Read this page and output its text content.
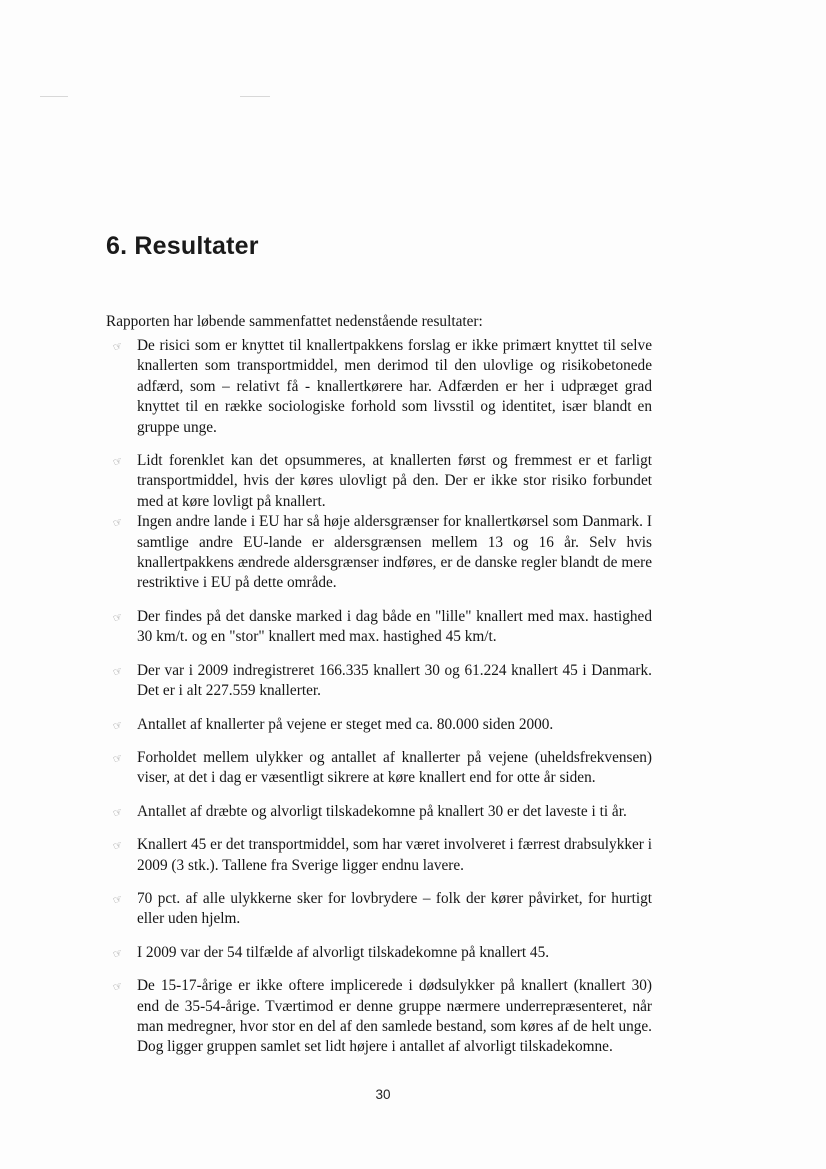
6. Resultater

Rapporten har løbende sammenfattet nedenstående resultater:

☞ De risici som er knyttet til knallertpakkens forslag er ikke primært knyttet til selve knallerten som transportmiddel, men derimod til den ulovlige og risikobetonede adfærd, som – relativt få - knallertkørere har. Adfærden er her i udpræget grad knyttet til en række sociologiske forhold som livsstil og identitet, især blandt en gruppe unge.
☞ Lidt forenklet kan det opsummeres, at knallerten først og fremmest er et farligt transportmiddel, hvis der køres ulovligt på den. Der er ikke stor risiko forbundet med at køre lovligt på knallert.
☞ Ingen andre lande i EU har så høje aldersgrænser for knallertkørsel som Danmark. I samtlige andre EU-lande er aldersgrænsen mellem 13 og 16 år. Selv hvis knallertpakkens ændrede aldersgrænser indføres, er de danske regler blandt de mere restriktive i EU på dette område.
☞ Der findes på det danske marked i dag både en "lille" knallert med max. hastighed 30 km/t. og en "stor" knallert med max. hastighed 45 km/t.
☞ Der var i 2009 indregistreret 166.335 knallert 30 og 61.224 knallert 45 i Danmark. Det er i alt 227.559 knallerter.
☞ Antallet af knallerter på vejene er steget med ca. 80.000 siden 2000.
☞ Forholdet mellem ulykker og antallet af knallerter på vejene (uheldsfrekvensen) viser, at det i dag er væsentligt sikrere at køre knallert end for otte år siden.
☞ Antallet af dræbte og alvorligt tilskadekomne på knallert 30 er det laveste i ti år.
☞ Knallert 45 er det transportmiddel, som har været involveret i færrest drabsulykker i 2009 (3 stk.). Tallene fra Sverige ligger endnu lavere.
☞ 70 pct. af alle ulykkerne sker for lovbrydere – folk der kører påvirket, for hurtigt eller uden hjelm.
☞ I 2009 var der 54 tilfælde af alvorligt tilskadekomne på knallert 45.
☞ De 15-17-årige er ikke oftere implicerede i dødsulykker på knallert (knallert 30) end de 35-54-årige. Tværtimod er denne gruppe nærmere underrepræsenteret, når man medregner, hvor stor en del af den samlede bestand, som køres af de helt unge. Dog ligger gruppen samlet set lidt højere i antallet af alvorligt tilskadekomne.
30
